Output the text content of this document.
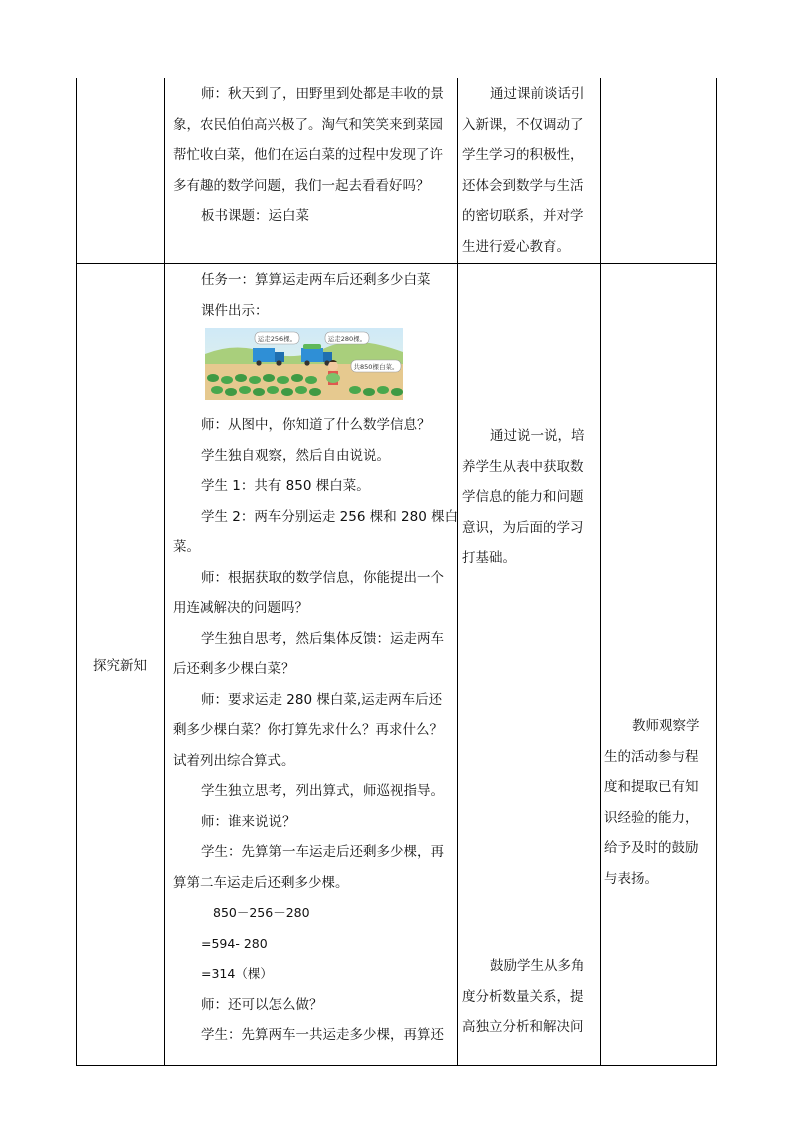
师：秋天到了，田野里到处都是丰收的景

象，农民伯伯高兴极了。淘气和笑笑来到菜园

帮忙收白菜，他们在运白菜的过程中发现了许

多有趣的数学问题，我们一起去看看好吗？

板书课题：运白菜

通过课前谈话引

入新课，不仅调动了

学生学习的积极性，

还体会到数学与生活

的密切联系，并对学

生进行爱心教育。

探究新知

任务一：算算运走两车后还剩多少白菜

课件出示：

运走256棵。	运走280棵。
共850棵白菜。

师：从图中，你知道了什么数学信息？

学生独自观察，然后自由说说。

学生 1：共有 850 棵白菜。

学生 2：两车分别运走 256 棵和 280 棵白

菜。

师：根据获取的数学信息，你能提出一个

用连减解决的问题吗？

学生独自思考，然后集体反馈：运走两车

后还剩多少棵白菜？

师：要求运走 280 棵白菜,运走两车后还

剩多少棵白菜？你打算先求什么？再求什么？

试着列出综合算式。

学生独立思考，列出算式，师巡视指导。

师：谁来说说？

学生：先算第一车运走后还剩多少棵，再

算第二车运走后还剩多少棵。

850－256－280

=594- 280

=314（棵）

师：还可以怎么做？

学生：先算两车一共运走多少棵，再算还

通过说一说，培

养学生从表中获取数

学信息的能力和问题

意识，为后面的学习

打基础。

鼓励学生从多角

度分析数量关系，提

高独立分析和解决问

教师观察学

生的活动参与程

度和提取已有知

识经验的能力，

给予及时的鼓励

与表扬。
